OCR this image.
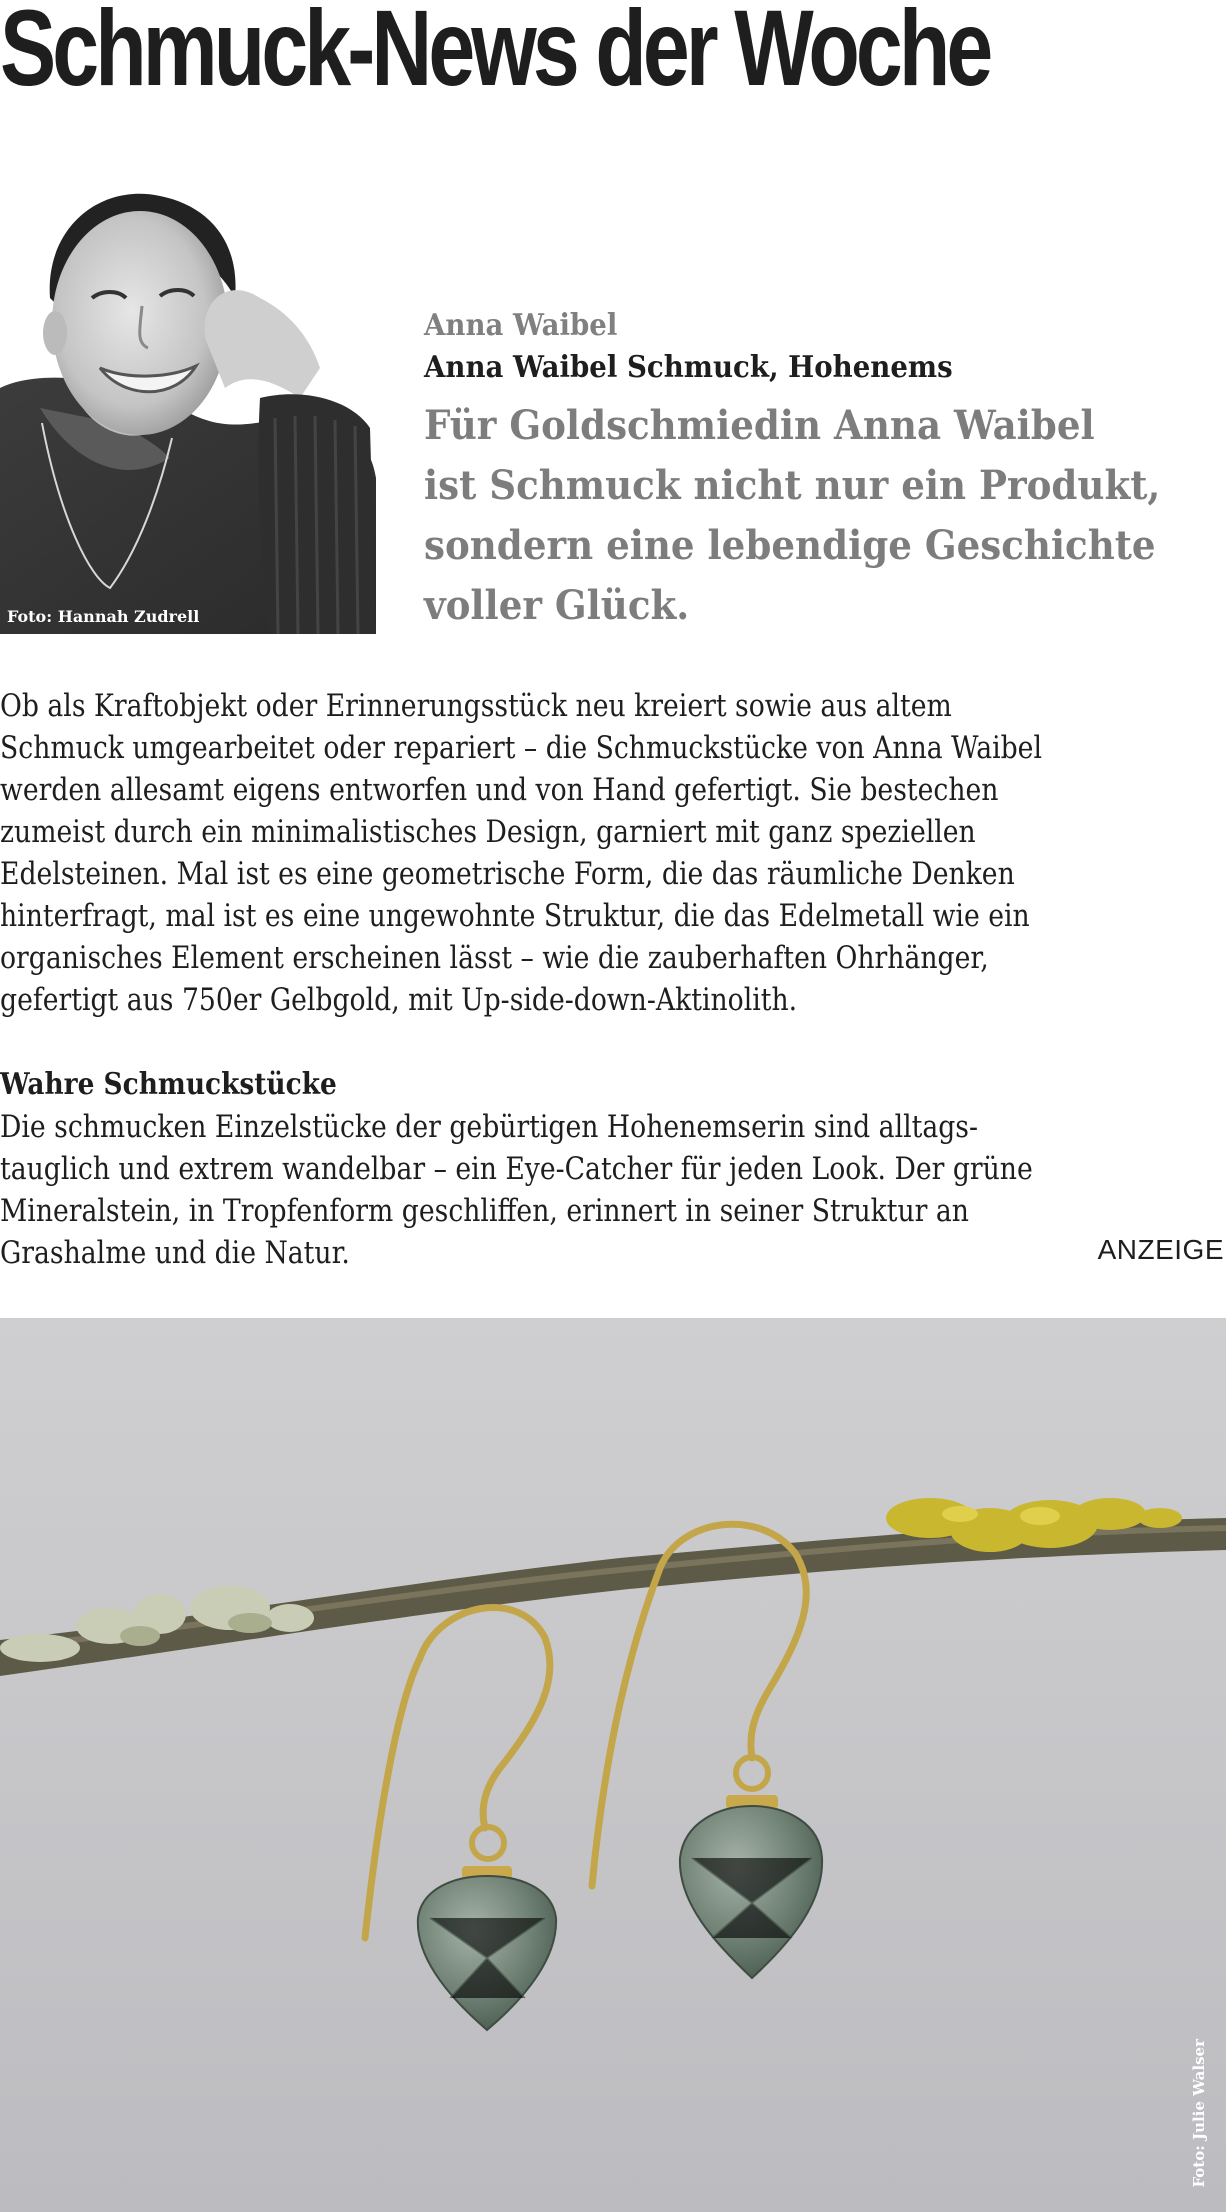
Schmuck-News der Woche
Foto: Hannah Zudrell
Anna Waibel
Anna Waibel Schmuck, Hohenems
Für Goldschmiedin Anna Waibel
ist Schmuck nicht nur ein Produkt,
sondern eine lebendige Geschichte
voller Glück.
Ob als Kraftobjekt oder Erinnerungsstück neu kreiert sowie aus altem
Schmuck umgearbeitet oder repariert – die Schmuckstücke von Anna Waibel
werden allesamt eigens entworfen und von Hand gefertigt. Sie bestechen
zumeist durch ein minimalistisches Design, garniert mit ganz speziellen
Edelsteinen. Mal ist es eine geometrische Form, die das räumliche Denken
hinterfragt, mal ist es eine ungewohnte Struktur, die das Edelmetall wie ein
organisches Element erscheinen lässt – wie die zauberhaften Ohrhänger,
gefertigt aus 750er Gelbgold, mit Up-side-down-Aktinolith.
Wahre Schmuckstücke
Die schmucken Einzelstücke der gebürtigen Hohenemserin sind alltags-
tauglich und extrem wandelbar – ein Eye-Catcher für jeden Look. Der grüne
Mineralstein, in Tropfenform geschliffen, erinnert in seiner Struktur an
Grashalme und die Natur.	ANZEIGE
Foto: Julie Walser
